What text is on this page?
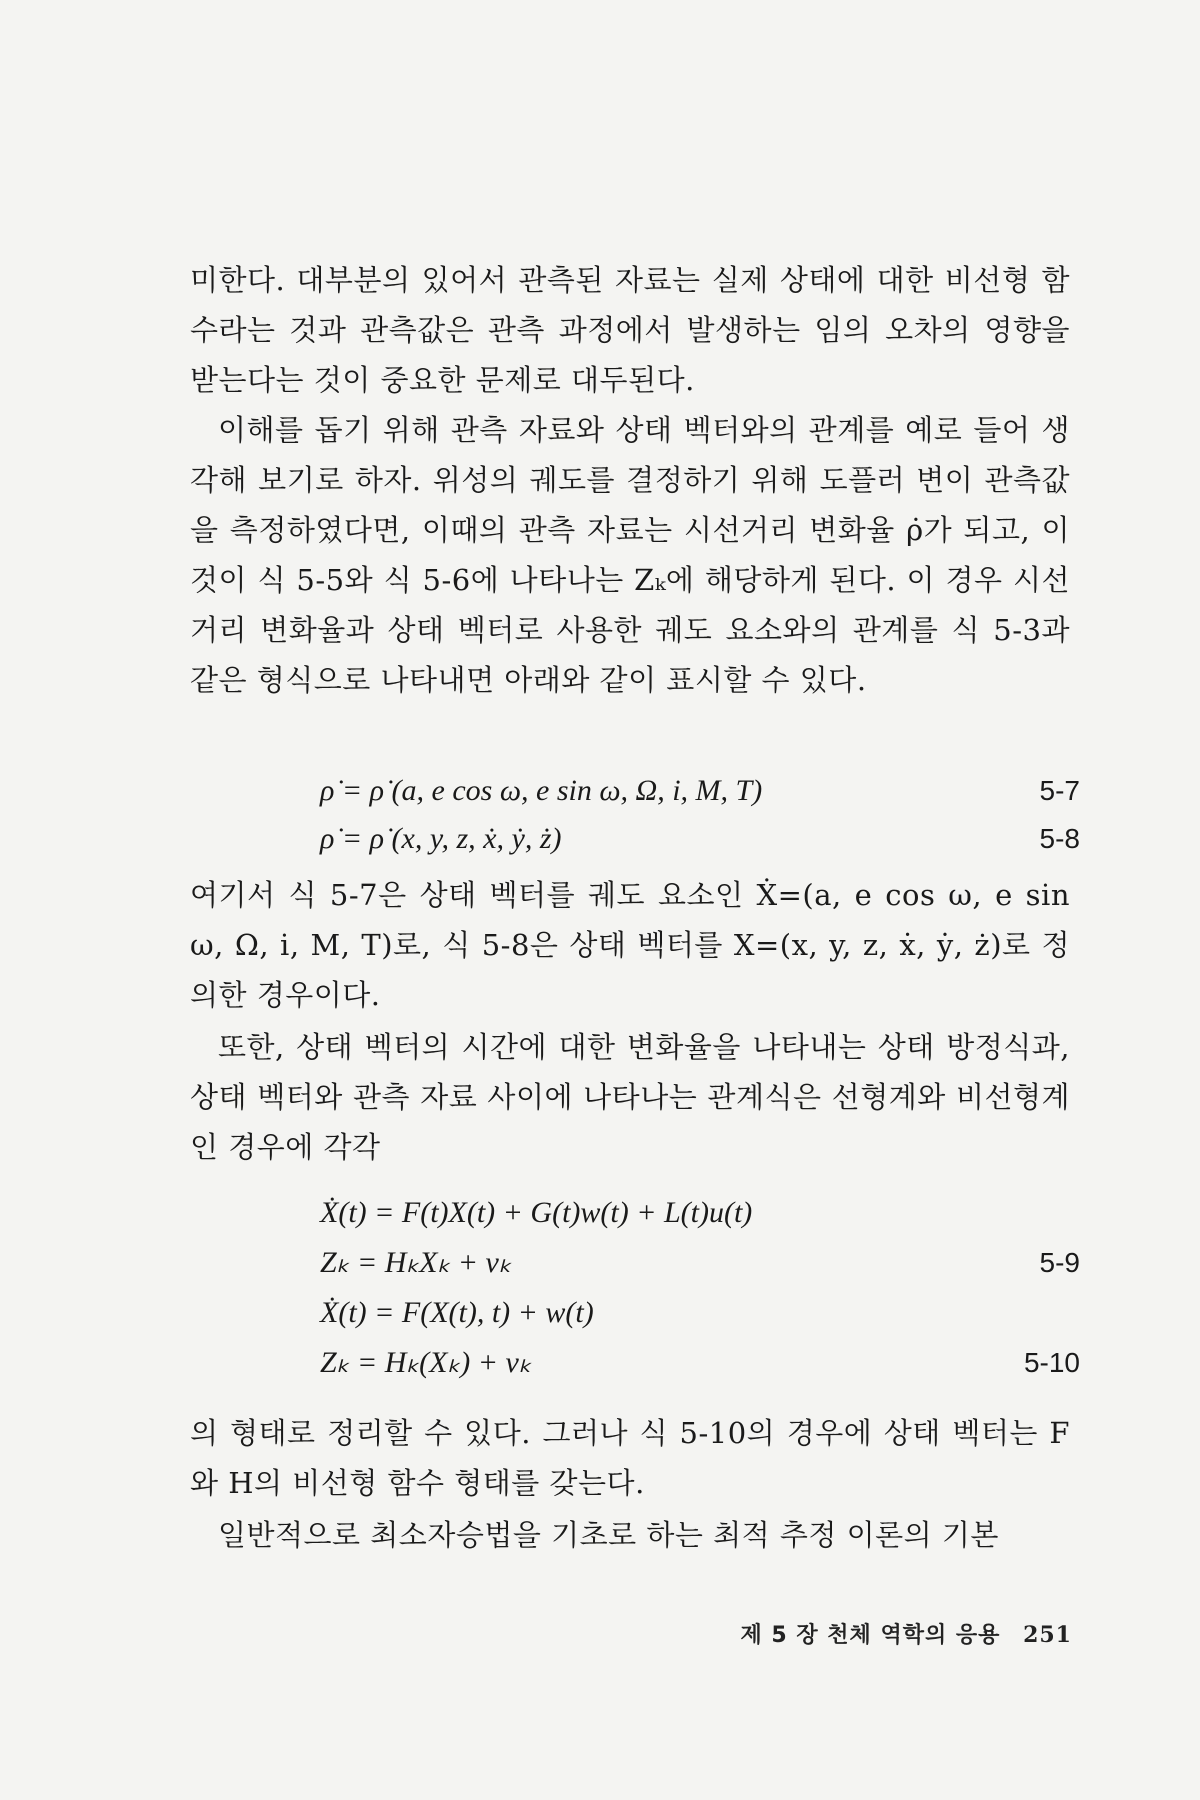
미한다. 대부분의 있어서 관측된 자료는 실제 상태에 대한 비선형 함수라는 것과 관측값은 관측 과정에서 발생하는 임의 오차의 영향을 받는다는 것이 중요한 문제로 대두된다.
이해를 돕기 위해 관측 자료와 상태 벡터와의 관계를 예로 들어 생각해 보기로 하자. 위성의 궤도를 결정하기 위해 도플러 변이 관측값을 측정하였다면, 이때의 관측 자료는 시선거리 변화율 ρ̇가 되고, 이것이 식 5-5와 식 5-6에 나타나는 Zₖ에 해당하게 된다. 이 경우 시선거리 변화율과 상태 벡터로 사용한 궤도 요소와의 관계를 식 5-3과 같은 형식으로 나타내면 아래와 같이 표시할 수 있다.
ρ̇ = ρ̇ (a, e cos ω, e sin ω, Ω, i, M, T)	5-7
ρ̇ = ρ̇ (x, y, z, ẋ, ẏ, ż)	5-8
여기서 식 5-7은 상태 벡터를 궤도 요소인 Ẋ=(a, e cos ω, e sin ω, Ω, i, M, T)로, 식 5-8은 상태 벡터를 X=(x, y, z, ẋ, ẏ, ż)로 정의한 경우이다.
또한, 상태 벡터의 시간에 대한 변화율을 나타내는 상태 방정식과, 상태 벡터와 관측 자료 사이에 나타나는 관계식은 선형계와 비선형계인 경우에 각각
Ẋ(t) = F(t)X(t) + G(t)w(t) + L(t)u(t)
Zₖ = HₖXₖ + vₖ	5-9
Ẋ(t) = F(X(t), t) + w(t)
Zₖ = Hₖ(Xₖ) + vₖ	5-10
의 형태로 정리할 수 있다. 그러나 식 5-10의 경우에 상태 벡터는 F와 H의 비선형 함수 형태를 갖는다.
일반적으로 최소자승법을 기초로 하는 최적 추정 이론의 기본
제 5 장 천체 역학의 응용 251
